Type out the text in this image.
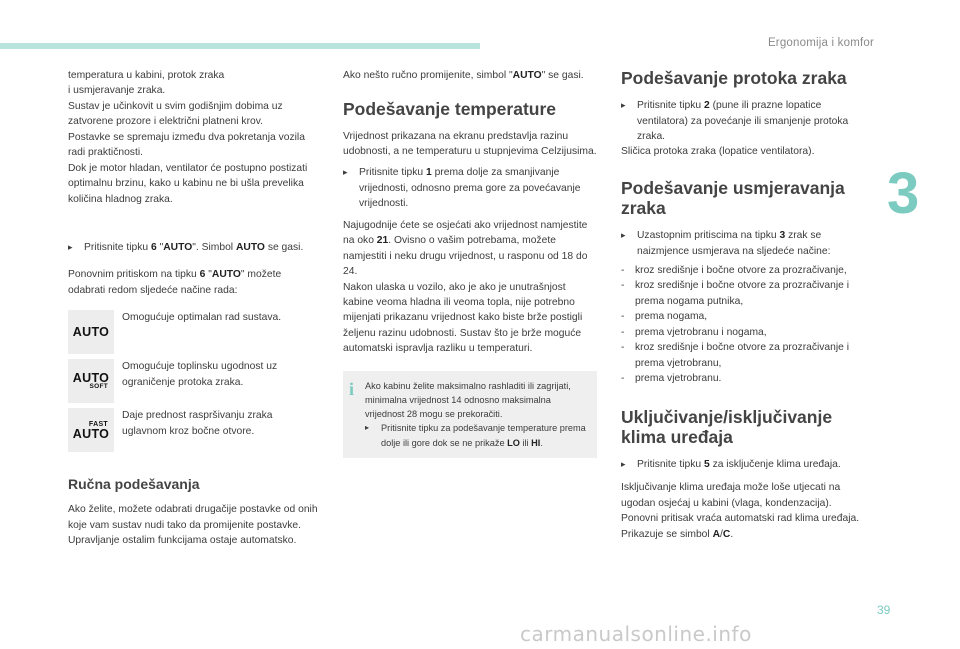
Ergonomija i komfor
3
39
carmanualsonline.info

temperatura u kabini, protok zraka

i usmjeravanje zraka.

Sustav je učinkovit u svim godišnjim dobima uz zatvorene prozore i električni platneni krov.

Postavke se spremaju između dva pokretanja vozila radi praktičnosti.

Dok je motor hladan, ventilator će postupno postizati optimalnu brzinu, kako u kabinu ne bi ušla prevelika količina hladnog zraka.

▸	Pritisnite tipku 6 "AUTO". Simbol AUTO se gasi.

Ponovnim pritiskom na tipku 6 "AUTO" možete odabrati redom sljedeće načine rada:

AUTO

Omogućuje optimalan rad sustava.

AUTO
SOFT

Omogućuje toplinsku ugodnost uz ograničenje protoka zraka.

FAST
AUTO

Daje prednost raspršivanju zraka uglavnom kroz bočne otvore.

Ručna podešavanja

Ako želite, možete odabrati drugačije postavke od onih koje vam sustav nudi tako da promijenite postavke. Upravljanje ostalim funkcijama ostaje automatsko.

Ako nešto ručno promijenite, simbol "AUTO" se gasi.

Podešavanje temperature

Vrijednost prikazana na ekranu predstavlja razinu udobnosti, a ne temperaturu u stupnjevima Celzijusima.

▸	Pritisnite tipku 1 prema dolje za smanjivanje vrijednosti, odnosno prema gore za povećavanje vrijednosti.

Najugodnije ćete se osjećati ako vrijednost namjestite na oko 21. Ovisno o vašim potrebama, možete namjestiti i neku drugu vrijednost, u rasponu od 18 do 24.

Nakon ulaska u vozilo, ako je ako je unutrašnjost kabine veoma hladna ili veoma topla, nije potrebno mijenjati prikazanu vrijednost kako biste brže postigli željenu razinu udobnosti. Sustav što je brže moguće automatski ispravlja razliku u temperaturi.

i	Ako kabinu želite maksimalno rashladiti ili zagrijati, minimalna vrijednost 14 odnosno maksimalna vrijednost 28 mogu se prekoračiti.

▸	Pritisnite tipku za podešavanje temperature prema dolje ili gore dok se ne prikaže LO ili HI.
Podešavanje protoka zraka
▸	Pritisnite tipku 2 (pune ili prazne lopatice ventilatora) za povećanje ili smanjenje protoka zraka.

Sličica protoka zraka (lopatice ventilatora).

Podešavanje usmjeravanja zraka
▸	Uzastopnim pritiscima na tipku 3 zrak se naizmjence usmjerava na sljedeće načine:
-	kroz središnje i bočne otvore za prozračivanje,
-	kroz središnje i bočne otvore za prozračivanje i prema nogama putnika,
-	prema nogama,
-	prema vjetrobranu i nogama,
-	kroz središnje i bočne otvore za prozračivanje i prema vjetrobranu,
-	prema vjetrobranu.
Uključivanje/isključivanje klima uređaja
▸	Pritisnite tipku 5 za isključenje klima uređaja.

Isključivanje klima uređaja može loše utjecati na ugodan osjećaj u kabini (vlaga, kondenzacija).

Ponovni pritisak vraća automatski rad klima uređaja. Prikazuje se simbol A/C.
